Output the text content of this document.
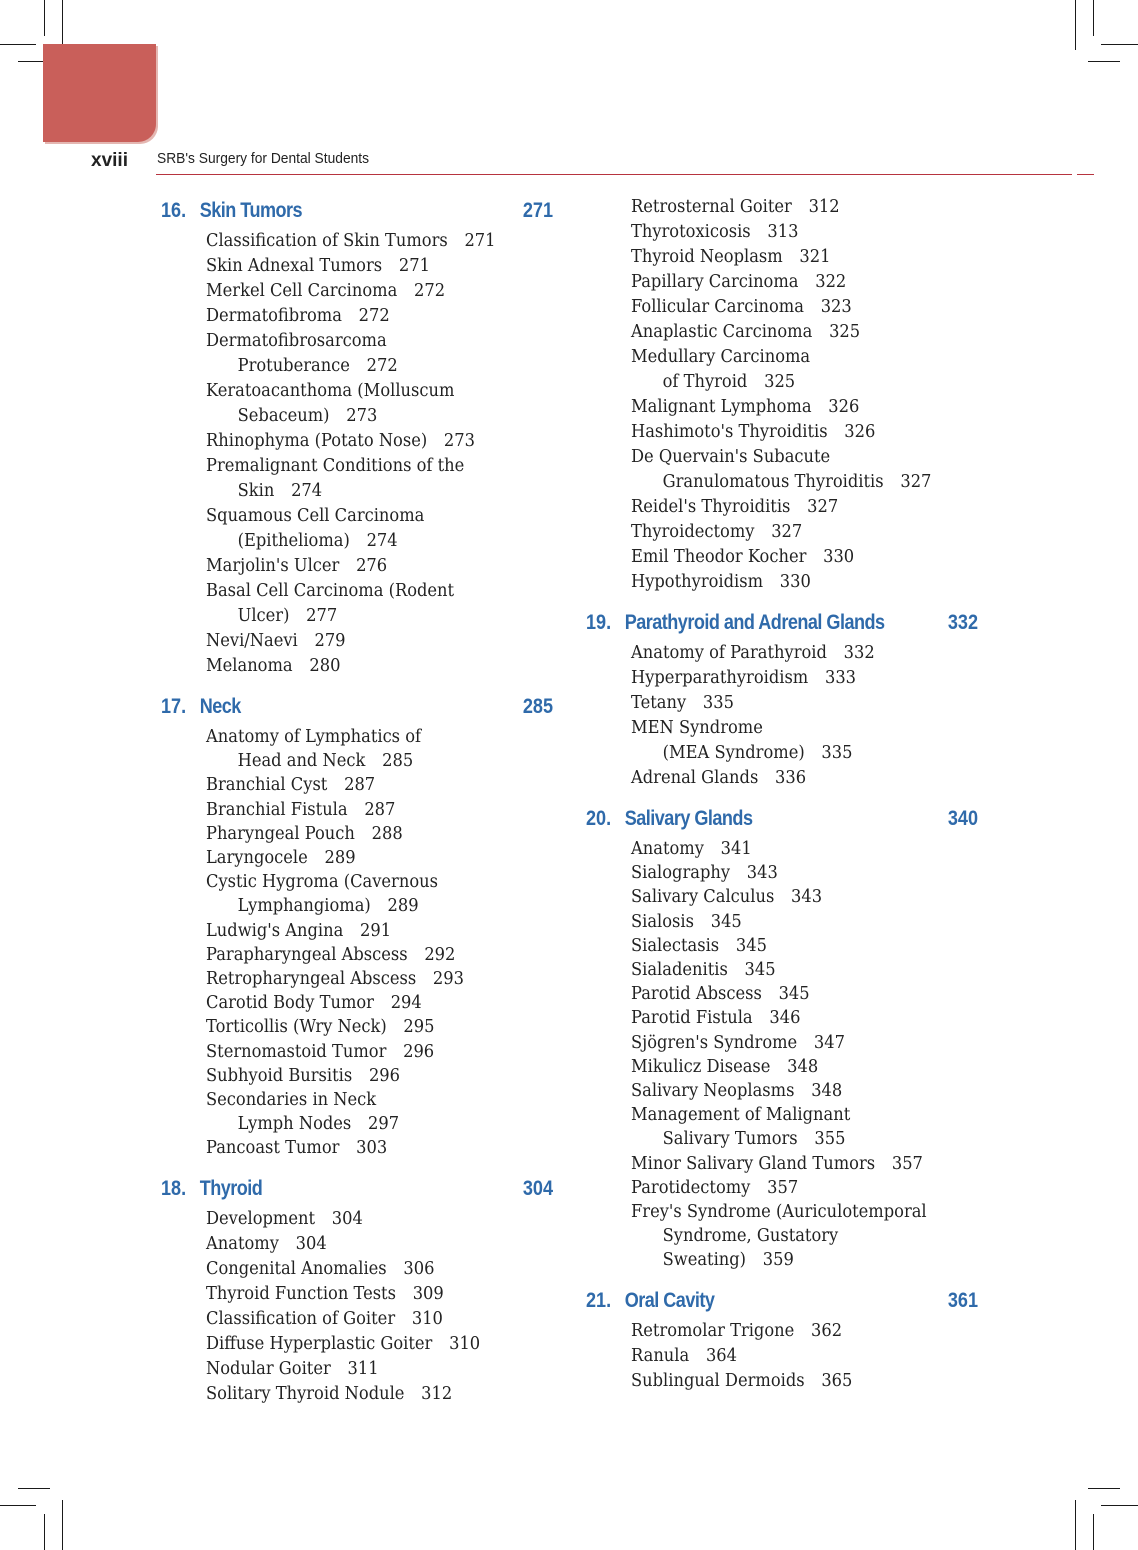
xviii SRB's Surgery for Dental Students
16. Skin Tumors	271
Classification of Skin Tumors 271
Skin Adnexal Tumors 271
Merkel Cell Carcinoma 272
Dermatofibroma 272
Dermatofibrosarcoma
Protuberance 272
Keratoacanthoma (Molluscum
Sebaceum) 273
Rhinophyma (Potato Nose) 273
Premalignant Conditions of the
Skin 274
Squamous Cell Carcinoma
(Epithelioma) 274
Marjolin's Ulcer 276
Basal Cell Carcinoma (Rodent
Ulcer) 277
Nevi/Naevi 279
Melanoma 280
17. Neck	285
Anatomy of Lymphatics of
Head and Neck 285
Branchial Cyst 287
Branchial Fistula 287
Pharyngeal Pouch 288
Laryngocele 289
Cystic Hygroma (Cavernous
Lymphangioma) 289
Ludwig's Angina 291
Parapharyngeal Abscess 292
Retropharyngeal Abscess 293
Carotid Body Tumor 294
Torticollis (Wry Neck) 295
Sternomastoid Tumor 296
Subhyoid Bursitis 296
Secondaries in Neck
Lymph Nodes 297
Pancoast Tumor 303
18. Thyroid	304
Development 304
Anatomy 304
Congenital Anomalies 306
Thyroid Function Tests 309
Classification of Goiter 310
Diffuse Hyperplastic Goiter 310
Nodular Goiter 311
Solitary Thyroid Nodule 312
Retrosternal Goiter 312
Thyrotoxicosis 313
Thyroid Neoplasm 321
Papillary Carcinoma 322
Follicular Carcinoma 323
Anaplastic Carcinoma 325
Medullary Carcinoma
of Thyroid 325
Malignant Lymphoma 326
Hashimoto's Thyroiditis 326
De Quervain's Subacute
Granulomatous Thyroiditis 327
Reidel's Thyroiditis 327
Thyroidectomy 327
Emil Theodor Kocher 330
Hypothyroidism 330
19. Parathyroid and Adrenal Glands	332
Anatomy of Parathyroid 332
Hyperparathyroidism 333
Tetany 335
MEN Syndrome
(MEA Syndrome) 335
Adrenal Glands 336
20. Salivary Glands	340
Anatomy 341
Sialography 343
Salivary Calculus 343
Sialosis 345
Sialectasis 345
Sialadenitis 345
Parotid Abscess 345
Parotid Fistula 346
Sjögren's Syndrome 347
Mikulicz Disease 348
Salivary Neoplasms 348
Management of Malignant
Salivary Tumors 355
Minor Salivary Gland Tumors 357
Parotidectomy 357
Frey's Syndrome (Auriculotemporal
Syndrome, Gustatory
Sweating) 359
21. Oral Cavity	361
Retromolar Trigone 362
Ranula 364
Sublingual Dermoids 365
